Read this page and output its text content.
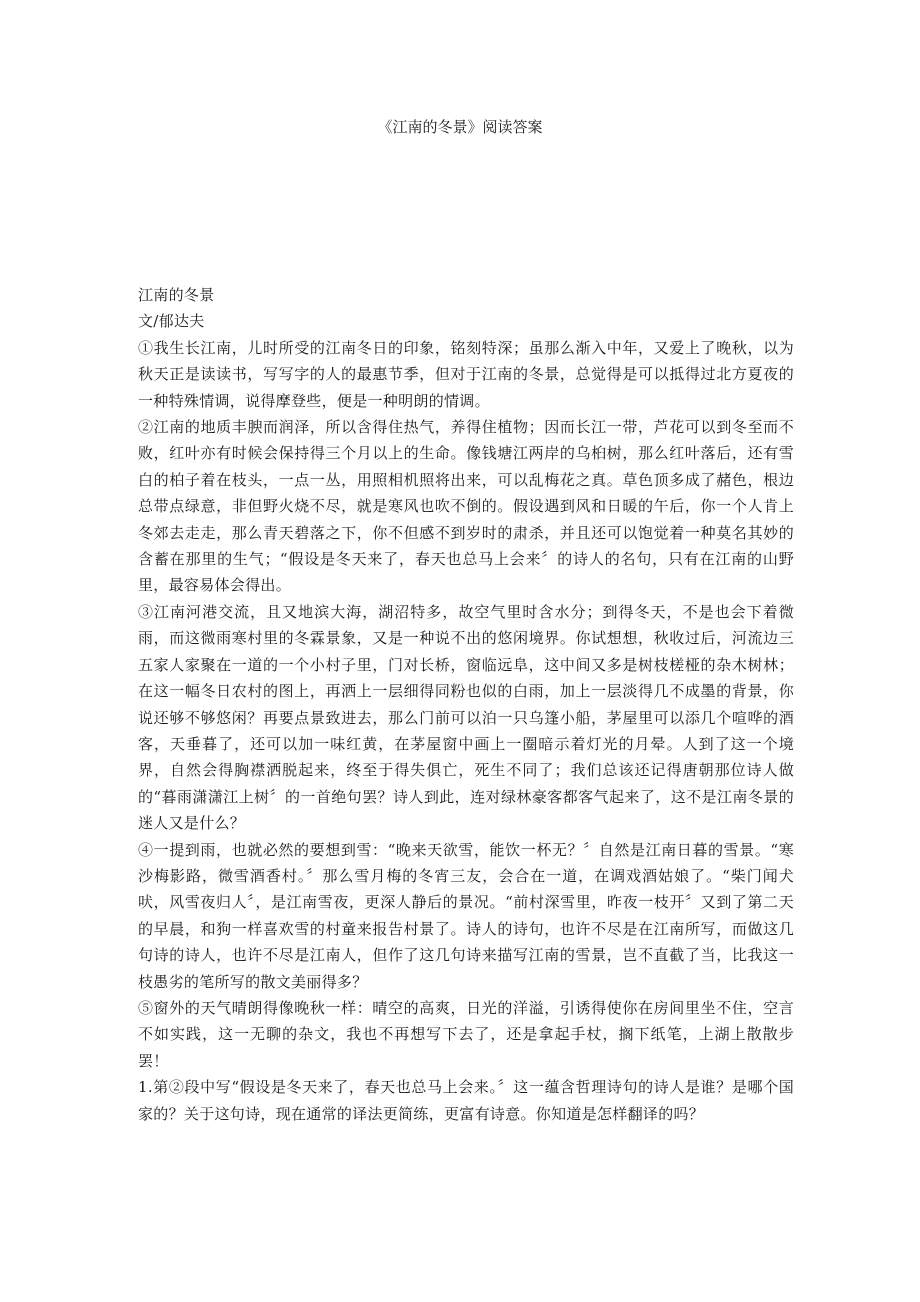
《江南的冬景》阅读答案

江南的冬景

文/郁达夫

①我生长江南，儿时所受的江南冬日的印象，铭刻特深；虽那么渐入中年，又爱上了晚秋，以为秋天正是读读书，写写字的人的最惠节季，但对于江南的冬景，总觉得是可以抵得过北方夏夜的一种特殊情调，说得摩登些，便是一种明朗的情调。

②江南的地质丰腴而润泽，所以含得住热气，养得住植物；因而长江一带，芦花可以到冬至而不败，红叶亦有时候会保持得三个月以上的生命。像钱塘江两岸的乌桕树，那么红叶落后，还有雪白的柏子着在枝头，一点一丛，用照相机照将出来，可以乱梅花之真。草色顶多成了赭色，根边总带点绿意，非但野火烧不尽，就是寒风也吹不倒的。假设遇到风和日暖的午后，你一个人肯上冬郊去走走，那么青天碧落之下，你不但感不到岁时的肃杀，并且还可以饱觉着一种莫名其妙的含蓄在那里的生气；“假设是冬天来了，春天也总马上会来〞的诗人的名句，只有在江南的山野里，最容易体会得出。

③江南河港交流，且又地滨大海，湖沼特多，故空气里时含水分；到得冬天，不是也会下着微雨，而这微雨寒村里的冬霖景象，又是一种说不出的悠闲境界。你试想想，秋收过后，河流边三五家人家聚在一道的一个小村子里，门对长桥，窗临远阜，这中间又多是树枝槎桠的杂木树林；在这一幅冬日农村的图上，再洒上一层细得同粉也似的白雨，加上一层淡得几不成墨的背景，你说还够不够悠闲？再要点景致进去，那么门前可以泊一只乌篷小船，茅屋里可以添几个喧哗的酒客，天垂暮了，还可以加一味红黄，在茅屋窗中画上一圈暗示着灯光的月晕。人到了这一个境界，自然会得胸襟洒脱起来，终至于得失俱亡，死生不同了；我们总该还记得唐朝那位诗人做的“暮雨潇潇江上树〞的一首绝句罢？诗人到此，连对绿林豪客都客气起来了，这不是江南冬景的迷人又是什么？

④一提到雨，也就必然的要想到雪：“晚来天欲雪，能饮一杯无？〞自然是江南日暮的雪景。“寒沙梅影路，微雪酒香村。〞那么雪月梅的冬宵三友，会合在一道，在调戏酒姑娘了。“柴门闻犬吠，风雪夜归人〞，是江南雪夜，更深人静后的景况。“前村深雪里，昨夜一枝开〞又到了第二天的早晨，和狗一样喜欢雪的村童来报告村景了。诗人的诗句，也许不尽是在江南所写，而做这几句诗的诗人，也许不尽是江南人，但作了这几句诗来描写江南的雪景，岂不直截了当，比我这一枝愚劣的笔所写的散文美丽得多？

⑤窗外的天气晴朗得像晚秋一样：晴空的高爽，日光的洋溢，引诱得使你在房间里坐不住，空言不如实践，这一无聊的杂文，我也不再想写下去了，还是拿起手杖，搁下纸笔，上湖上散散步罢！

1.第②段中写“假设是冬天来了，春天也总马上会来。〞这一蕴含哲理诗句的诗人是谁？是哪个国家的？关于这句诗，现在通常的译法更简练，更富有诗意。你知道是怎样翻译的吗？
